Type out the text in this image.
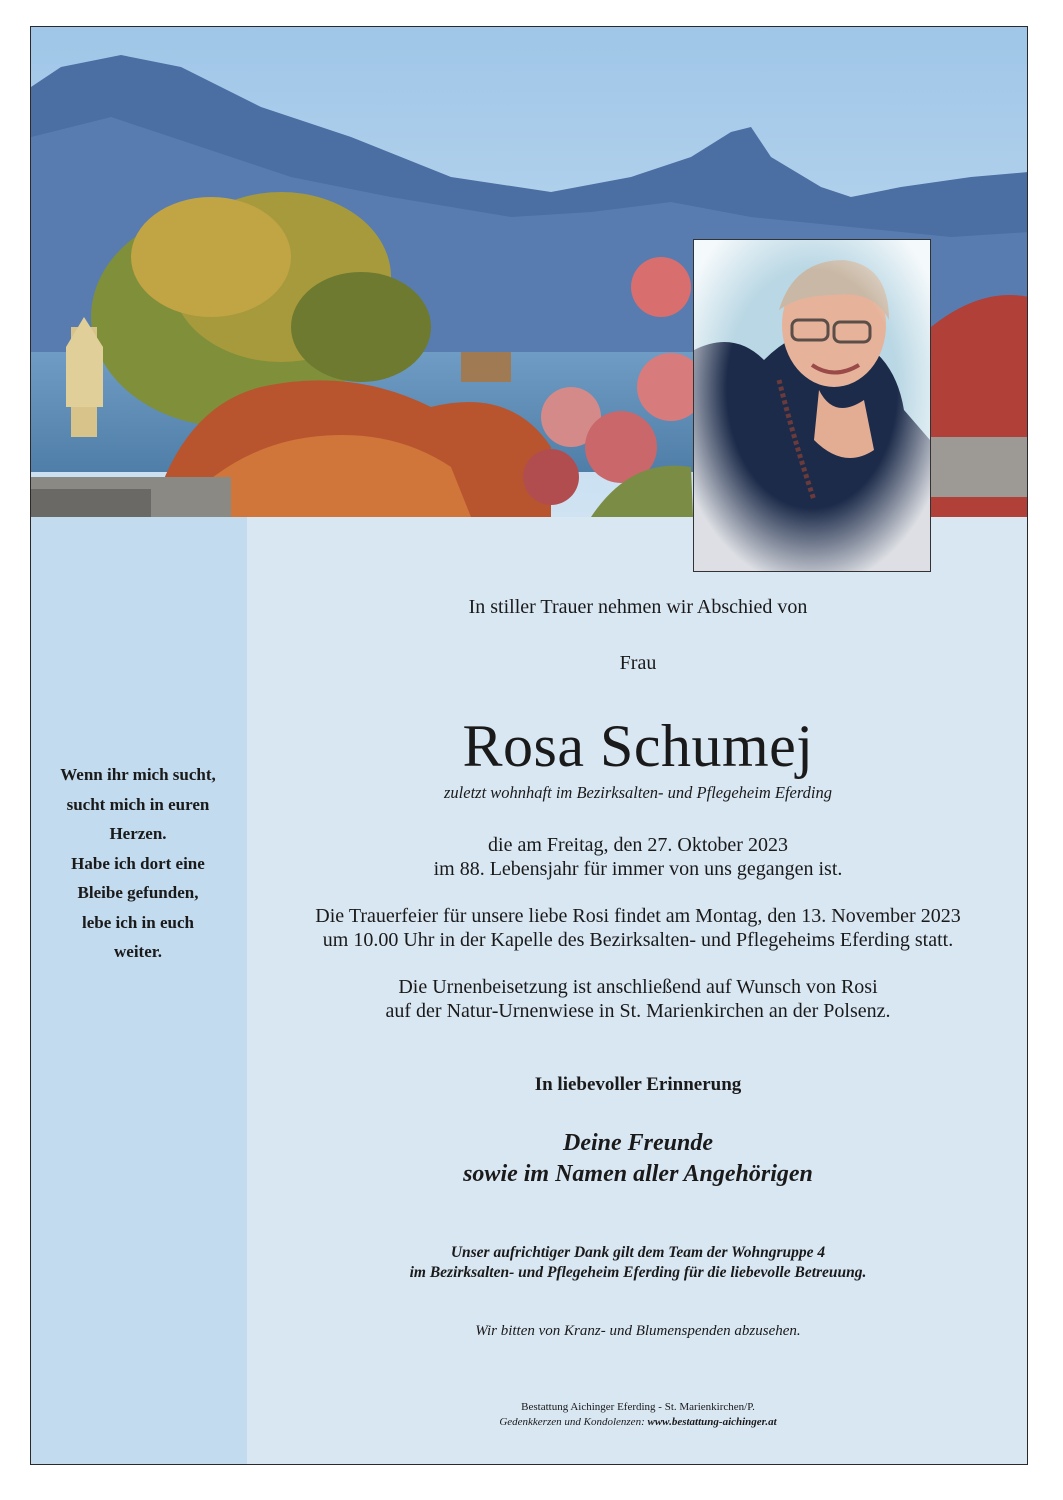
Wenn ihr mich sucht,
sucht mich in euren
Herzen.
Habe ich dort eine
Bleibe gefunden,
lebe ich in euch
weiter.
In stiller Trauer nehmen wir Abschied von
Frau
Rosa Schumej
zuletzt wohnhaft im Bezirksalten- und Pflegeheim Eferding
die am Freitag, den 27. Oktober 2023
im 88. Lebensjahr für immer von uns gegangen ist.
Die Trauerfeier für unsere liebe Rosi findet am Montag, den 13. November 2023
um 10.00 Uhr in der Kapelle des Bezirksalten- und Pflegeheims Eferding statt.
Die Urnenbeisetzung ist anschließend auf Wunsch von Rosi
auf der Natur-Urnenwiese in St. Marienkirchen an der Polsenz.
In liebevoller Erinnerung
Deine Freunde
sowie im Namen aller Angehörigen
Unser aufrichtiger Dank gilt dem Team der Wohngruppe 4
im Bezirksalten- und Pflegeheim Eferding für die liebevolle Betreuung.
Wir bitten von Kranz- und Blumenspenden abzusehen.
Bestattung Aichinger Eferding - St. Marienkirchen/P.
Gedenkkerzen und Kondolenzen: www.bestattung-aichinger.at
